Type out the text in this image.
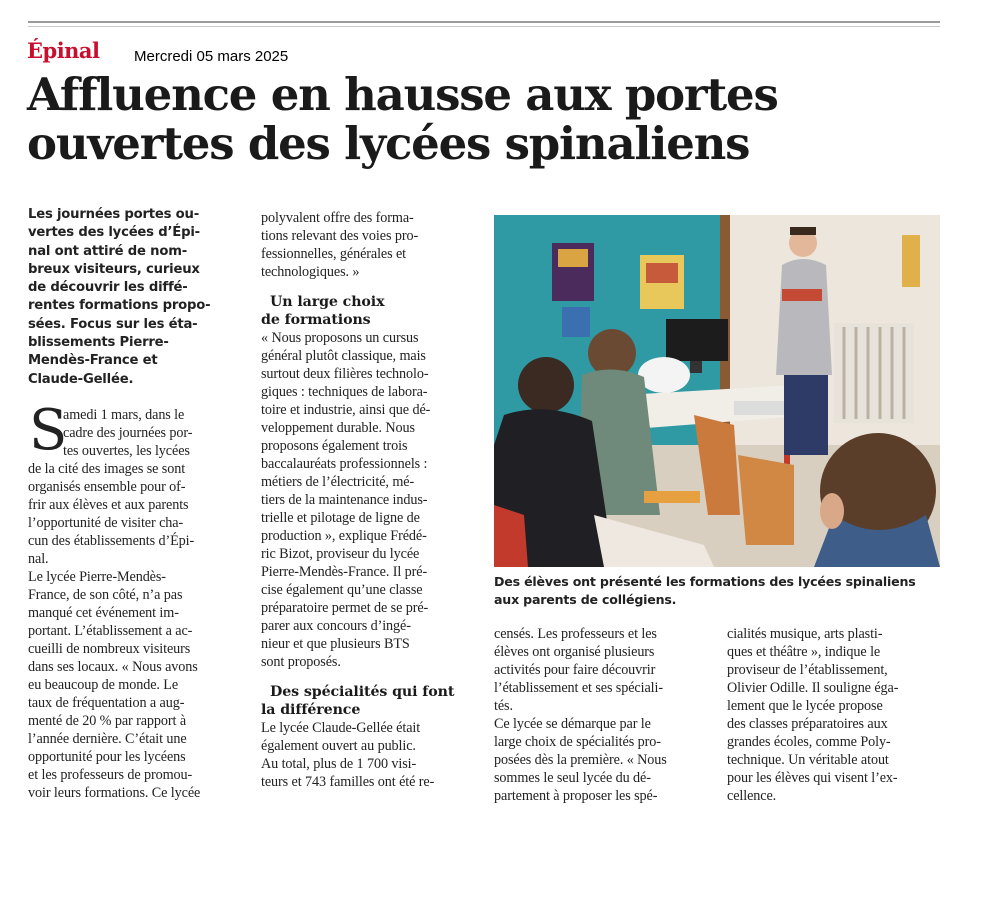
Épinal Mercredi 05 mars 2025
Affluence en hausse aux portes
ouvertes des lycées spinaliens

Les journées portes ou-

vertes des lycées d’Épi-

nal ont attiré de nom-

breux visiteurs, curieux

de découvrir les diffé-

rentes formations propo-

sées. Focus sur les éta-

blissements Pierre-

Mendès-France et

Claude-Gellée.

S

amedi 1 mars, dans le

cadre des journées por-

tes ouvertes, les lycées

de la cité des images se sont

organisés ensemble pour of-

frir aux élèves et aux parents

l’opportunité de visiter cha-

cun des établissements d’Épi-

nal.

Le lycée Pierre-Mendès-

France, de son côté, n’a pas

manqué cet événement im-

portant. L’établissement a ac-

cueilli de nombreux visiteurs

dans ses locaux. « Nous avons

eu beaucoup de monde. Le

taux de fréquentation a aug-

menté de 20 % par rapport à

l’année dernière. C’était une

opportunité pour les lycéens

et les professeurs de promou-

voir leurs formations. Ce lycée

polyvalent offre des forma-

tions relevant des voies pro-

fessionnelles, générales et

technologiques. »

Un large choix

de formations

« Nous proposons un cursus

général plutôt classique, mais

surtout deux filières technolo-

giques : techniques de labora-

toire et industrie, ainsi que dé-

veloppement durable. Nous

proposons également trois

baccalauréats professionnels :

métiers de l’électricité, mé-

tiers de la maintenance indus-

trielle et pilotage de ligne de

production », explique Frédé-

ric Bizot, proviseur du lycée

Pierre-Mendès-France. Il pré-

cise également qu’une classe

préparatoire permet de se pré-

parer aux concours d’ingé-

nieur et que plusieurs BTS

sont proposés.

Des spécialités qui font

la différence

Le lycée Claude-Gellée était

également ouvert au public.

Au total, plus de 1 700 visi-

teurs et 743 familles ont été re-

Des élèves ont présenté les formations des lycées spinaliens
aux parents de collégiens.

censés. Les professeurs et les

élèves ont organisé plusieurs

activités pour faire découvrir

l’établissement et ses spéciali-

tés.

Ce lycée se démarque par le

large choix de spécialités pro-

posées dès la première. « Nous

sommes le seul lycée du dé-

partement à proposer les spé-

cialités musique, arts plasti-

ques et théâtre », indique le

proviseur de l’établissement,

Olivier Odille. Il souligne éga-

lement que le lycée propose

des classes préparatoires aux

grandes écoles, comme Poly-

technique. Un véritable atout

pour les élèves qui visent l’ex-

cellence.
